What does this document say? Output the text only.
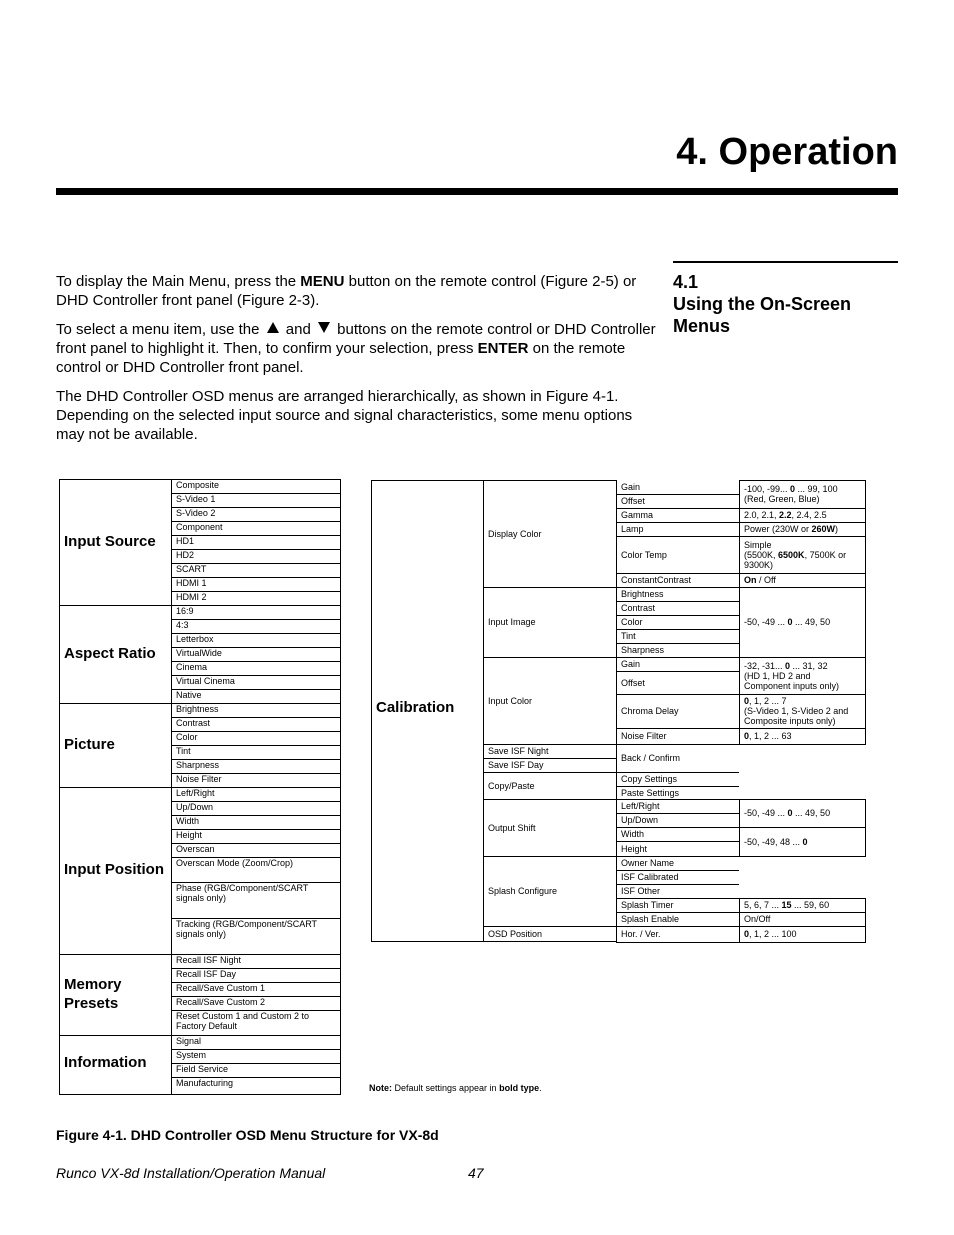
4. Operation
4.1
Using the On-Screen Menus

To display the Main Menu, press the MENU button on the remote control (Figure 2-5) or DHD Controller front panel (Figure 2-3).

To select a menu item, use the  and  buttons on the remote control or DHD Controller front panel to highlight it. Then, to confirm your selection, press ENTER on the remote control or DHD Controller front panel.

The DHD Controller OSD menus are arranged hierarchically, as shown in Figure 4-1. Depending on the selected input source and signal characteristics, some menu options may not be available.

Input Source
Composite
S-Video 1
S-Video 2
Component
HD1
HD2
SCART
HDMI 1
HDMI 2
Aspect Ratio
16:9
4:3
Letterbox
VirtualWide
Cinema
Virtual Cinema
Native
Picture
Brightness
Contrast
Color
Tint
Sharpness
Noise Filter
Input Position
Left/Right
Up/Down
Width
Height
Overscan
Overscan Mode (Zoom/Crop)
Phase (RGB/Component/SCART signals only)
Tracking (RGB/Component/SCART signals only)
Memory Presets
Recall ISF Night
Recall ISF Day
Recall/Save Custom 1
Recall/Save Custom 2
Reset Custom 1 and Custom 2 to Factory Default
Information
Signal
System
Field Service
Manufacturing
Calibration
Display Color
Input Image
Input Color
Save ISF Night
Save ISF Day
Copy/Paste
Output Shift
Splash Configure
OSD Position
Gain
Offset
Gamma
Lamp
Color Temp
ConstantContrast
Brightness
Contrast
Color
Tint
Sharpness
Gain
Offset
Chroma Delay
Noise Filter
Back / Confirm
Copy Settings
Paste Settings
Left/Right
Up/Down
Width
Height
Owner Name
ISF Calibrated
ISF Other
Splash Timer
Splash Enable
Hor. / Ver.
-100, -99... 0 ... 99, 100
(Red, Green, Blue)
2.0, 2.1, 2.2, 2.4, 2.5
Power (230W or 260W)
Simple
(5500K, 6500K, 7500K or
9300K)
On / Off
-50, -49 ... 0 ... 49, 50
-32, -31... 0 ... 31, 32
(HD 1, HD 2 and
Component inputs only)
0, 1, 2 ... 7
(S-Video 1, S-Video 2 and
Composite inputs only)
0, 1, 2 ... 63
-50, -49 ... 0 ... 49, 50
-50, -49, 48 ... 0
5, 6, 7 ... 15 ... 59, 60
On/Off
0, 1, 2 ... 100
Note: Default settings appear in bold type.
Figure 4-1. DHD Controller OSD Menu Structure for VX-8d
Runco VX-8d Installation/Operation Manual	47
